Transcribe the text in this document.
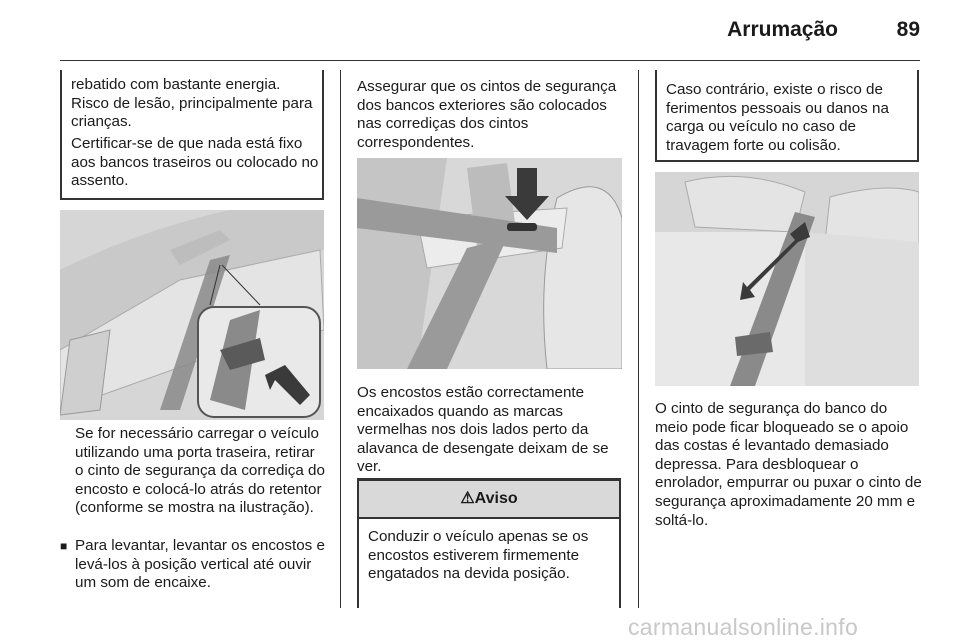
Arrumação	89

rebatido com bastante energia. Risco de lesão, principalmente para crianças.

Certificar-se de que nada está fixo aos bancos traseiros ou colocado no assento.

Se for necessário carregar o veículo utilizando uma porta traseira, retirar o cinto de segurança da corrediça do encosto e colocá-lo atrás do retentor (conforme se mostra na ilustração).

■ Para levantar, levantar os encostos e levá-los à posição vertical até ouvir um som de encaixe.

Assegurar que os cintos de segurança dos bancos exteriores são colocados nas corrediças dos cintos correspondentes.

Os encostos estão correctamente encaixados quando as marcas vermelhas nos dois lados perto da alavanca de desengate deixam de se ver.

⚠Aviso

Conduzir o veículo apenas se os encostos estiverem firmemente engatados na devida posição.

Caso contrário, existe o risco de ferimentos pessoais ou danos na carga ou veículo no caso de travagem forte ou colisão.

O cinto de segurança do banco do meio pode ficar bloqueado se o apoio das costas é levantado demasiado depressa. Para desbloquear o enrolador, empurrar ou puxar o cinto de segurança aproximadamente 20 mm e soltá-lo.

carmanualsonline.info
